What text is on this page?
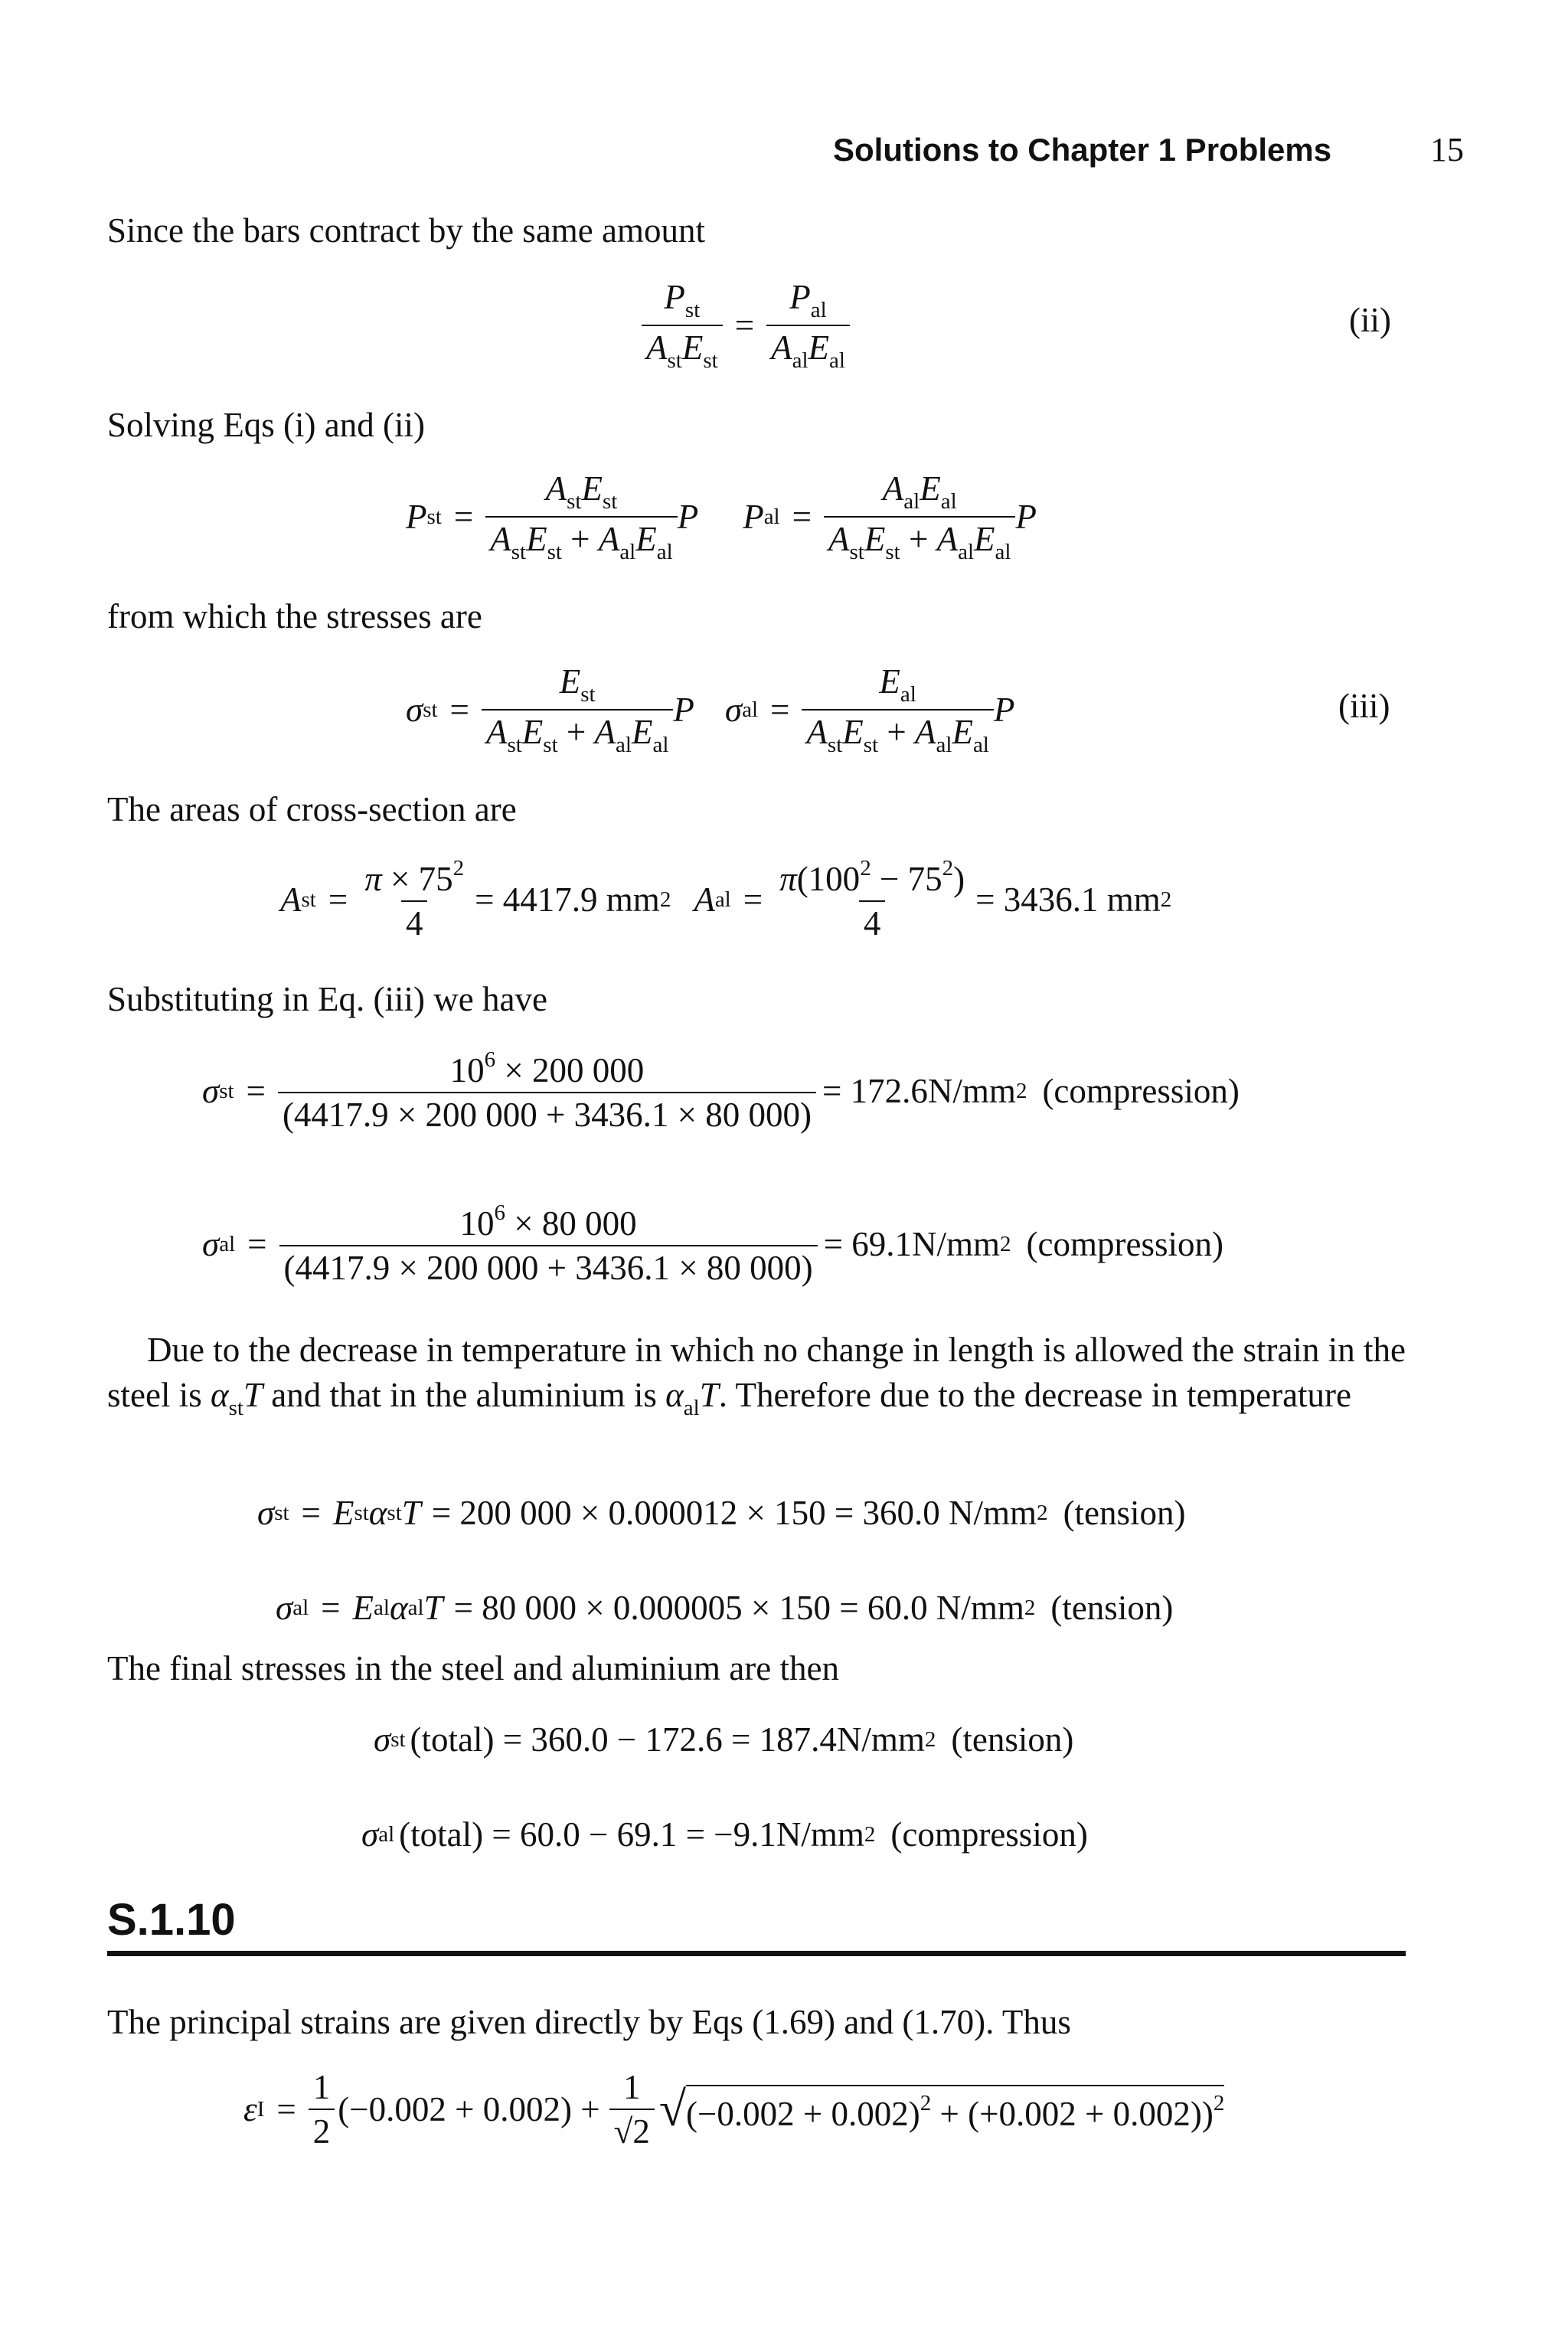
Solutions to Chapter 1 Problems	15
Since the bars contract by the same amount
$\frac{P_{st}}{A_{st}E_{st}} = \frac{P_{al}}{A_{al}E_{al}}$	(ii)
Solving Eqs (i) and (ii)
P st = $\frac{A_{st}E_{st}}{A_{st}E_{st} + A_{al}E_{al}}$ P P al = $\frac{A_{al}E_{al}}{A_{st}E_{st} + A_{al}E_{al}}$ P
from which the stresses are
σ st = $\frac{E_{st}}{A_{st}E_{st} + A_{al}E_{al}}$ P σ al = $\frac{E_{al}}{A_{st}E_{st} + A_{al}E_{al}}$ P	(iii)
The areas of cross-section are
A st = $\frac{\pi \times 75^2}{4} = 4417.9$ mm 2 A al = $\frac{\pi(100^2 - 75^2)}{4} = 3436.1$ mm 2
Substituting in Eq. (iii) we have
σ st = $\frac{10^6 \times 200 000}{(4417.9 \times 200 000 + 3436.1 \times 80 000)} = 172.6N/mm$ 2 (compression)
σ al = $\frac{10^6 \times 80 000}{(4417.9 \times 200 000 + 3436.1 \times 80 000)} = 69.1N/mm$ 2 (compression)
Due to the decrease in temperature in which no change in length is allowed the strain in the steel is $\alpha_{st}T$ and that in the aluminium is $\alpha_{al}T$. Therefore due to the decrease in temperature
σ st = E st α st T = 200 000 × 0.000012 × 150 = 360.0 N/mm 2 (tension)
σ al = E al α al T = 80 000 × 0.000005 × 150 = 60.0 N/mm 2 (tension)
The final stresses in the steel and aluminium are then
σ st (total) = 360.0 − 172.6 = 187.4N/mm 2 (tension)
σ al (total) = 60.0 − 69.1 = −9.1N/mm 2 (compression)
S.1.10
The principal strains are given directly by Eqs (1.69) and (1.70). Thus
ε $I = \frac{1}{2} (-0.002 + 0.002) + \frac{1}{√2}$ √ $(-0.002 + 0.002)^2 + (+0.002 + 0.002))^2$
